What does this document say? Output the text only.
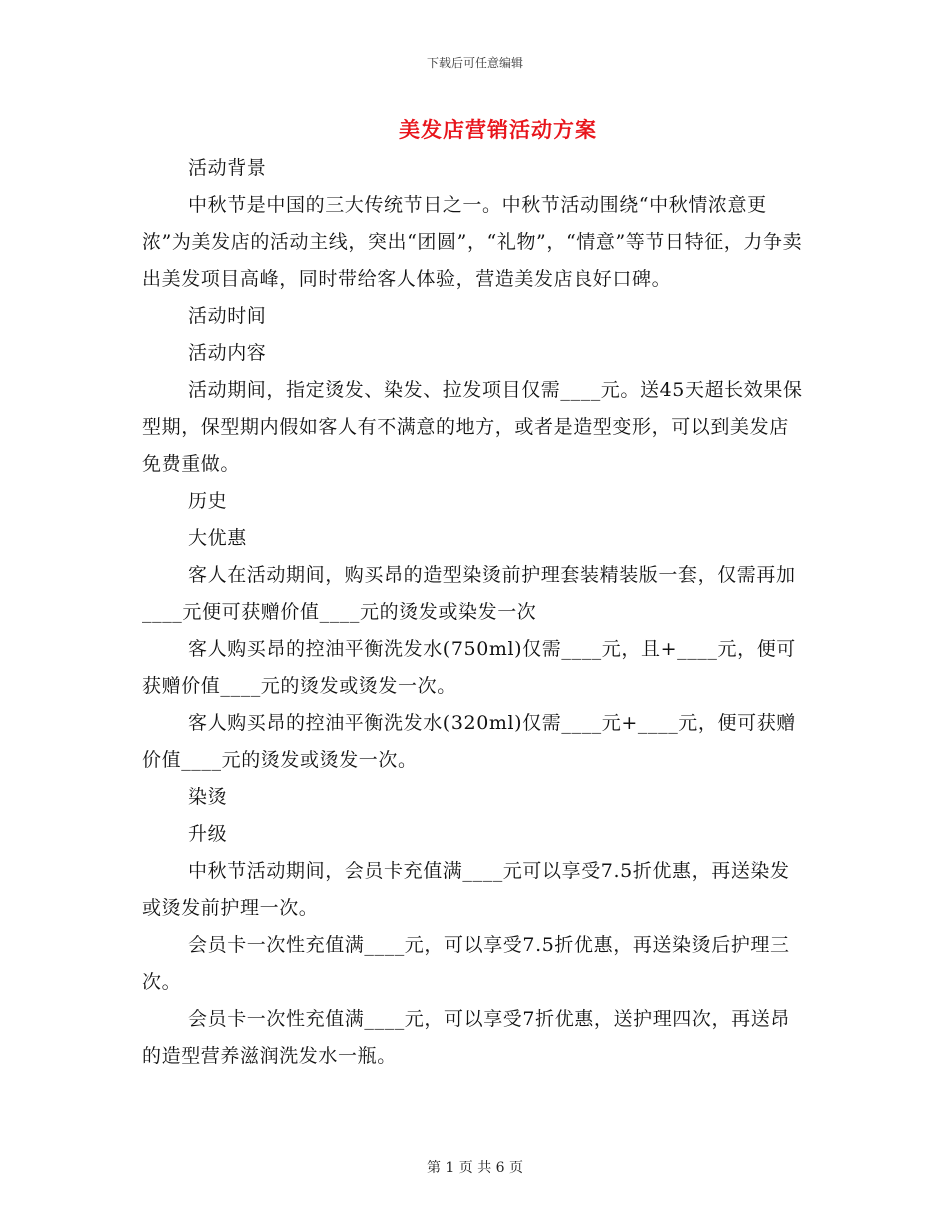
下载后可任意编辑
美发店营销活动方案

活动背景

中秋节是中国的三大传统节日之一。中秋节活动围绕“中秋情浓意更浓”为美发店的活动主线，突出“团圆”，“礼物”，“情意”等节日特征，力争卖出美发项目高峰，同时带给客人体验，营造美发店良好口碑。

活动时间

活动内容

活动期间，指定烫发、染发、拉发项目仅需____元。送45天超长效果保型期，保型期内假如客人有不满意的地方，或者是造型变形，可以到美发店免费重做。

历史

大优惠

客人在活动期间，购买昂的造型染烫前护理套装精装版一套，仅需再加____元便可获赠价值____元的烫发或染发一次

客人购买昂的控油平衡洗发水(750ml)仅需____元，且+____元，便可获赠价值____元的烫发或烫发一次。

客人购买昂的控油平衡洗发水(320ml)仅需____元+____元，便可获赠价值____元的烫发或烫发一次。

染烫

升级

中秋节活动期间，会员卡充值满____元可以享受7.5折优惠，再送染发或烫发前护理一次。

会员卡一次性充值满____元，可以享受7.5折优惠，再送染烫后护理三次。

会员卡一次性充值满____元，可以享受7折优惠，送护理四次，再送昂的造型营养滋润洗发水一瓶。

第 1 页 共 6 页
